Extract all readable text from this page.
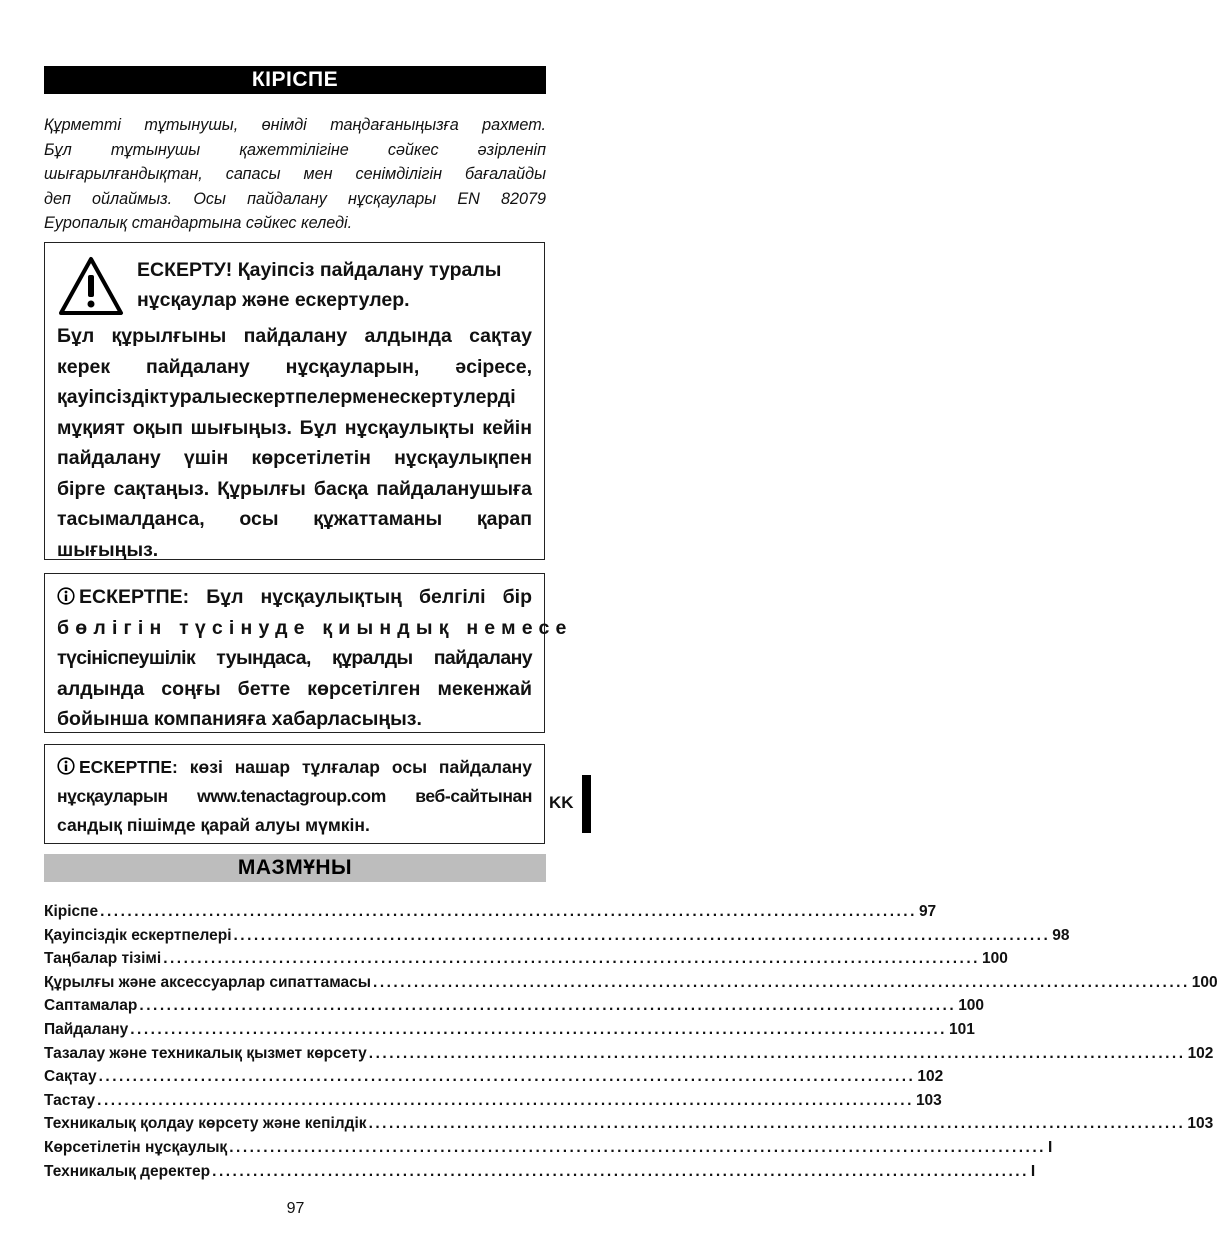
КІРІСПЕ
Құрметті тұтынушы, өнімді таңдағаныңызға рахмет.
Бұл тұтынушы қажеттілігіне сәйкес әзірленіп
шығарылғандықтан, сапасы мен сенімділігін бағалайды
деп ойлаймыз. Осы пайдалану нұсқаулары EN 82079
Еуропалық стандартына сәйкес келеді.
ЕСКЕРТУ! Қауіпсіз пайдалану туралы
нұсқаулар және ескертулер.
Бұл құрылғыны пайдалану алдында сақтау
керек пайдалану нұсқауларын, әсіресе,
қауіпсіздіктуралыескертпелерменескертулерді
мұқият оқып шығыңыз. Бұл нұсқаулықты кейін
пайдалану үшін көрсетілетін нұсқаулықпен
бірге сақтаңыз. Құрылғы басқа пайдаланушыға
тасымалданса, осы құжаттаманы қарап
шығыңыз.
ЕСКЕРТПЕ: Бұл нұсқаулықтың белгілі бір
бөлігін түсінуде қиындық немесе
түсініспеушілік туындаса, құралды пайдалану
алдында соңғы бетте көрсетілген мекенжай
бойынша компанияға хабарласыңыз.
ЕСКЕРТПЕ: көзі нашар тұлғалар осы пайдалану
нұсқауларын www.tenactagroup.com веб-сайтынан
сандық пішімде қарай алуы мүмкін.
KK
МАЗМҰНЫ
Кіріспе ........................................................................................................................ 97
Қауіпсіздік ескертпелері ........................................................................................................................ 98
Таңбалар тізімі ........................................................................................................................ 100
Құрылғы және аксессуарлар сипаттамасы ........................................................................................................................ 100
Саптамалар ........................................................................................................................ 100
Пайдалану ........................................................................................................................ 101
Тазалау және техникалық қызмет көрсету ........................................................................................................................ 102
Сақтау ........................................................................................................................ 102
Тастау ........................................................................................................................ 103
Техникалық қолдау көрсету және кепілдік ........................................................................................................................ 103
Көрсетілетін нұсқаулық ........................................................................................................................ I
Техникалық деректер ........................................................................................................................ I
97
